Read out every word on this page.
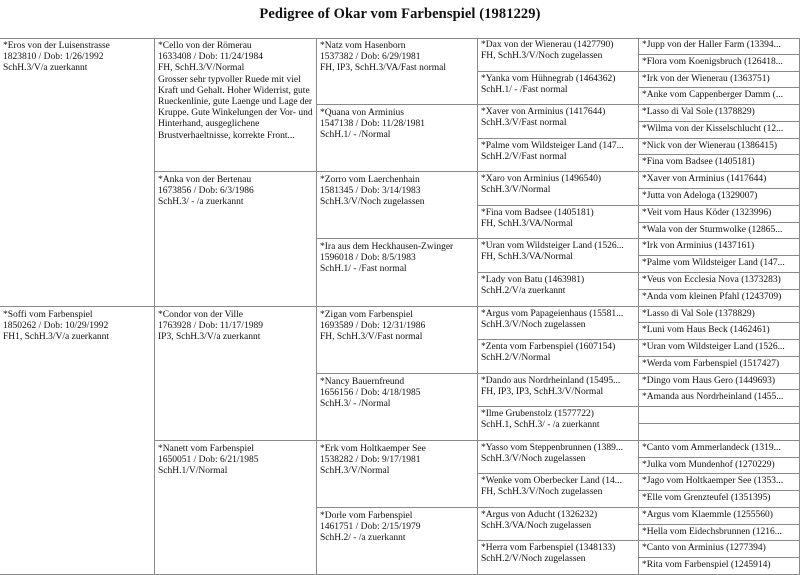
Pedigree of Okar vom Farbenspiel (1981229)
*Eros von der Luisenstrasse
1823810 / Dob: 1/26/1992
SchH.3/V/a zuerkannt
*Soffi vom Farbenspiel
1850262 / Dob: 10/29/1992
FH1, SchH.3/V/a zuerkannt
*Cello von der Römerau
1633408 / Dob: 11/24/1984
FH, SchH.3/V/Normal
Grosser sehr typvoller Ruede mit viel Kraft und Gehalt. Hoher Widerrist, gute Rueckenlinie, gute Laenge und Lage der Kruppe. Gute Winkelungen der Vor- und Hinterhand, ausgeglichene Brustverhaeltnisse, korrekte Front...
*Anka von der Bertenau
1673856 / Dob: 6/3/1986
SchH.3/ - /a zuerkannt
*Condor von der Ville
1763928 / Dob: 11/17/1989
IP3, SchH.3/V/a zuerkannt
*Nanett vom Farbenspiel
1650051 / Dob: 6/21/1985
SchH.1/V/Normal
*Natz vom Hasenborn
1537382 / Dob: 6/29/1981
FH, IP3, SchH.3/VA/Fast normal
*Quana von Arminius
1547138 / Dob: 11/28/1981
SchH.1/ - /Normal
*Zorro vom Laerchenhain
1581345 / Dob: 3/14/1983
SchH.3/V/Noch zugelassen
*Ira aus dem Heckhausen-Zwinger
1596018 / Dob: 8/5/1983
SchH.1/ - /Fast normal
*Zigan vom Farbenspiel
1693589 / Dob: 12/31/1986
FH, SchH.3/V/Fast normal
*Nancy Bauernfreund
1656156 / Dob: 4/18/1985
SchH.3/ - /Normal
*Erk vom Holtkaemper See
1538282 / Dob: 9/17/1981
SchH.3/V/Normal
*Dorle vom Farbenspiel
1461751 / Dob: 2/15/1979
SchH.2/ - /a zuerkannt
*Dax von der Wienerau (1427790)
FH, SchH.3/V/Noch zugelassen
*Yanka vom Hühnegrab (1464362)
SchH.1/ - /Fast normal
*Xaver von Arminius (1417644)
SchH.3/V/Fast normal
*Palme vom Wildsteiger Land (147...
SchH.2/V/Fast normal
*Xaro von Arminius (1496540)
SchH.3/V/Normal
*Fina vom Badsee (1405181)
FH, SchH.3/VA/Normal
*Uran vom Wildsteiger Land (1526...
FH, SchH.3/VA/Normal
*Lady von Batu (1463981)
SchH.2/V/a zuerkannt
*Argus vom Papageienhaus (15581...
SchH.3/V/Noch zugelassen
*Zenta vom Farbenspiel (1607154)
SchH.2/V/Normal
*Dando aus Nordrheinland (15495...
FH, IP3, IP3, SchH.3/V/Normal
*Ilme Grubenstolz (1577722)
SchH.1, SchH.3/ - /a zuerkannt
*Yasso vom Steppenbrunnen (1389...
SchH.3/V/Noch zugelassen
*Wenke vom Oberbecker Land (14...
FH, SchH.3/V/Noch zugelassen
*Argus von Aducht (1326232)
SchH.3/VA/Noch zugelassen
*Herra vom Farbenspiel (1348133)
SchH.2/V/Noch zugelassen
*Jupp von der Haller Farm (13394...
*Flora vom Koenigsbruch (126418...
*Irk von der Wienerau (1363751)
*Anke vom Cappenberger Damm (...
*Lasso di Val Sole (1378829)
*Wilma von der Kisselschlucht (12...
*Nick von der Wienerau (1386415)
*Fina vom Badsee (1405181)
*Xaver von Arminius (1417644)
*Jutta von Adeloga (1329007)
*Veit vom Haus Köder (1323996)
*Wala von der Sturmwolke (12865...
*Irk von Arminius (1437161)
*Palme vom Wildsteiger Land (147...
*Veus von Ecclesia Nova (1373283)
*Anda vom kleinen Pfahl (1243709)
*Lasso di Val Sole (1378829)
*Luni vom Haus Beck (1462461)
*Uran vom Wildsteiger Land (1526...
*Werda vom Farbenspiel (1517427)
*Dingo vom Haus Gero (1449693)
*Amanda aus Nordrheinland (1455...
*Canto vom Ammerlandeck (1319...
*Julka vom Mundenhof (1270229)
*Jago vom Holtkaemper See (1353...
*Elle vom Grenzteufel (1351395)
*Argus vom Klaemmle (1255560)
*Hella vom Eidechsbrunnen (1216...
*Canto von Arminius (1277394)
*Rita vom Farbenspiel (1245914)
